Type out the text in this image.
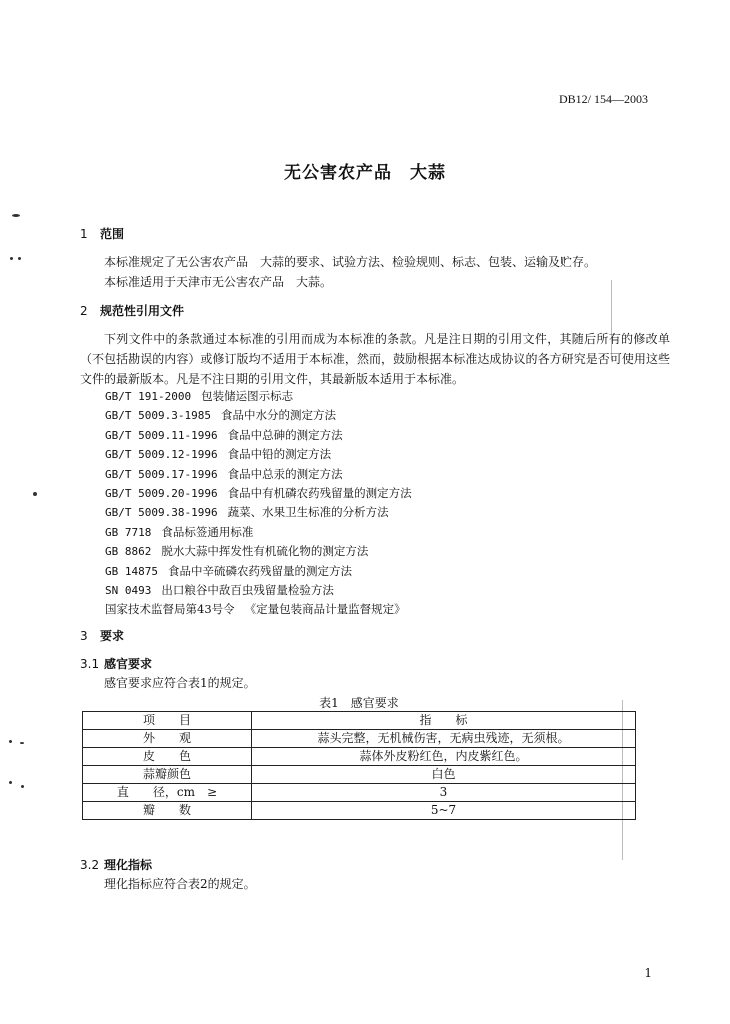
DB12/ 154—2003
无公害农产品　大蒜
1 范围
本标准规定了无公害农产品　大蒜的要求、试验方法、检验规则、标志、包装、运输及贮存。
本标准适用于天津市无公害农产品　大蒜。
2 规范性引用文件
下列文件中的条款通过本标准的引用而成为本标准的条款。凡是注日期的引用文件，其随后所有的修改单（不包括勘误的内容）或修订版均不适用于本标准，然而，鼓励根据本标准达成协议的各方研究是否可使用这些文件的最新版本。凡是不注日期的引用文件，其最新版本适用于本标准。
GB/T 191-2000 包装储运图示标志
GB/T 5009.3-1985 食品中水分的测定方法
GB/T 5009.11-1996 食品中总砷的测定方法
GB/T 5009.12-1996 食品中铅的测定方法
GB/T 5009.17-1996 食品中总汞的测定方法
GB/T 5009.20-1996 食品中有机磷农药残留量的测定方法
GB/T 5009.38-1996 蔬菜、水果卫生标准的分析方法
GB 7718 食品标签通用标准
GB 8862 脱水大蒜中挥发性有机硫化物的测定方法
GB 14875 食品中辛硫磷农药残留量的测定方法
SN 0493 出口粮谷中敌百虫残留量检验方法
国家技术监督局第43号令 《定量包装商品计量监督规定》
3 要求
3.1 感官要求
感官要求应符合表1的规定。
表1　感官要求
项　　目	指　　标
外　　观	蒜头完整，无机械伤害，无病虫残迹，无须根。
皮　　色	蒜体外皮粉红色，内皮紫红色。
蒜瓣颜色	白色
直　　径，cm　≥	3
瓣　　数	5~7
3.2 理化指标
理化指标应符合表2的规定。
1
